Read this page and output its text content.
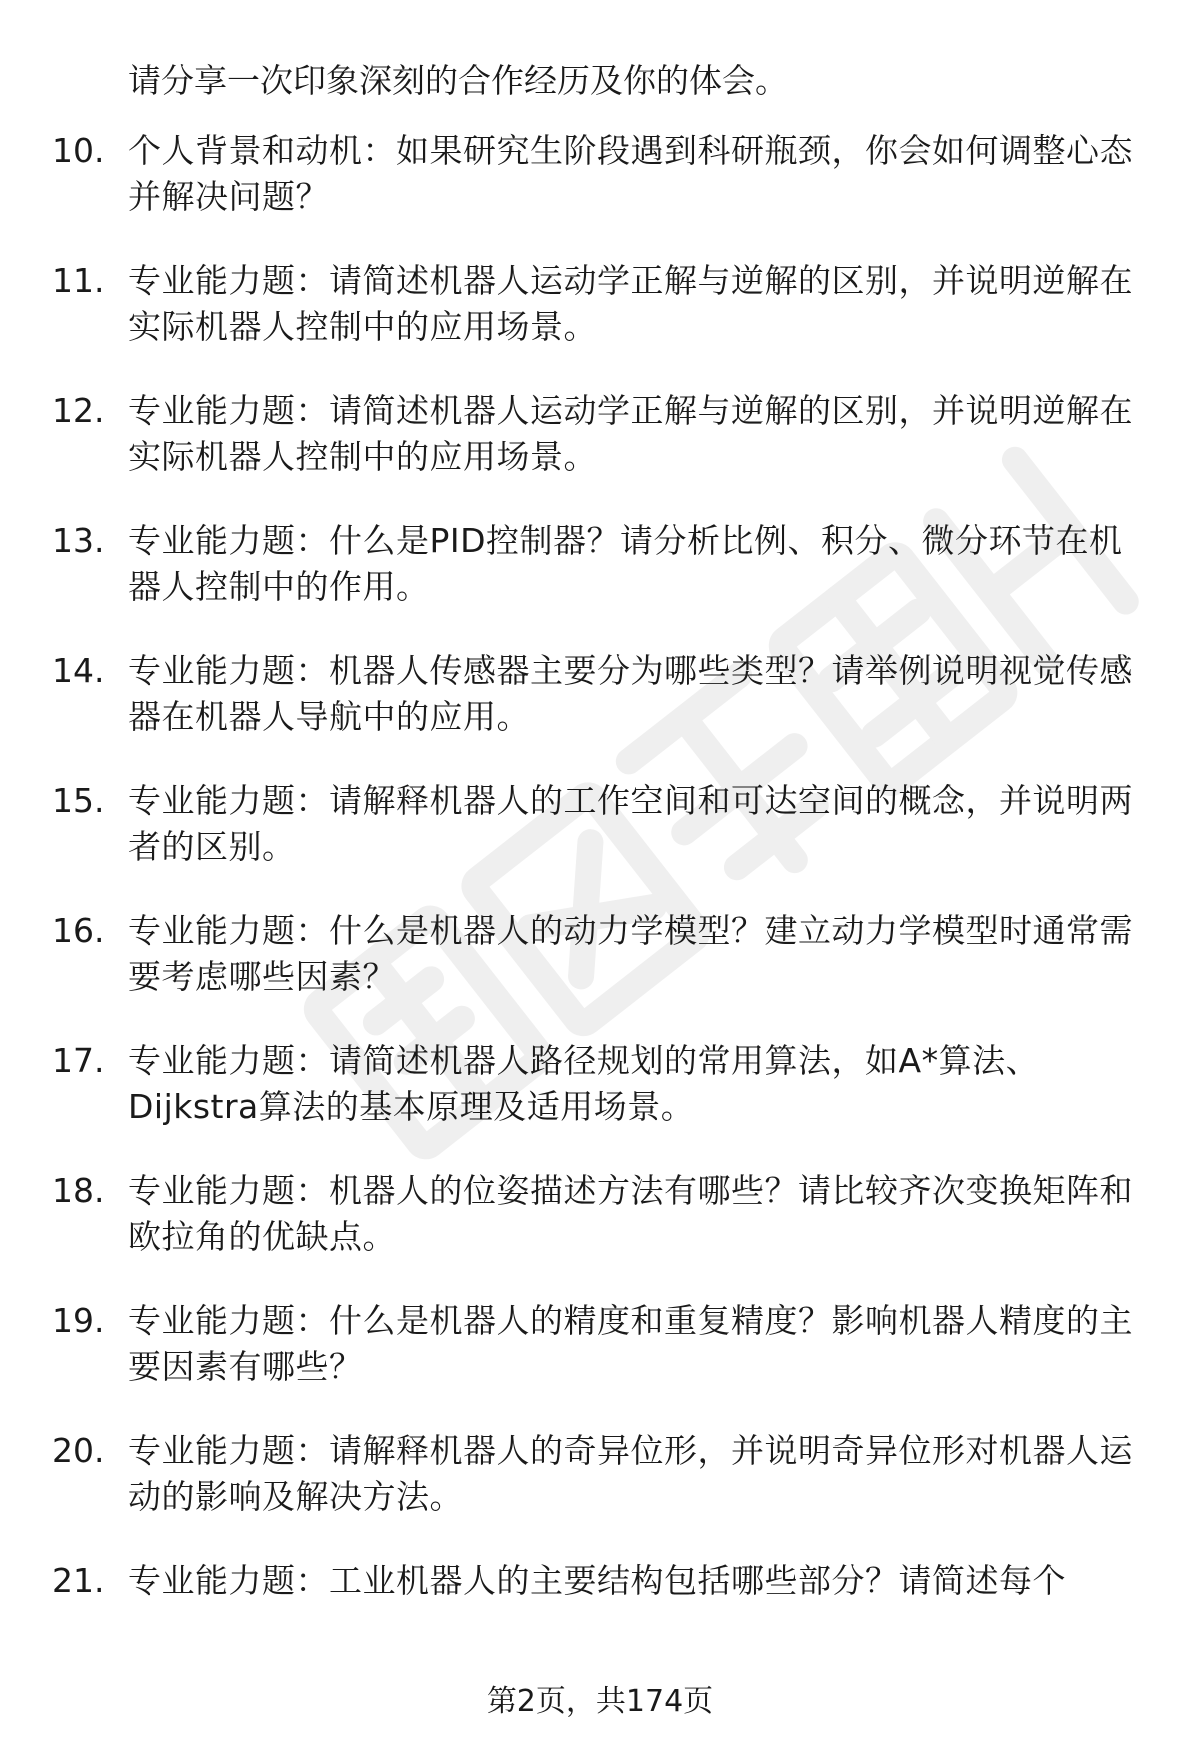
请分享一次印象深刻的合作经历及你的体会。
10. 个人背景和动机：如果研究生阶段遇到科研瓶颈，你会如何调整心态并解决问题？
11. 专业能力题：请简述机器人运动学正解与逆解的区别，并说明逆解在实际机器人控制中的应用场景。
12. 专业能力题：请简述机器人运动学正解与逆解的区别，并说明逆解在实际机器人控制中的应用场景。
13. 专业能力题：什么是PID控制器？请分析比例、积分、微分环节在机器人控制中的作用。
14. 专业能力题：机器人传感器主要分为哪些类型？请举例说明视觉传感器在机器人导航中的应用。
15. 专业能力题：请解释机器人的工作空间和可达空间的概念，并说明两者的区别。
16. 专业能力题：什么是机器人的动力学模型？建立动力学模型时通常需要考虑哪些因素？
17. 专业能力题：请简述机器人路径规划的常用算法，如A*算法、Dijkstra算法的基本原理及适用场景。
18. 专业能力题：机器人的位姿描述方法有哪些？请比较齐次变换矩阵和欧拉角的优缺点。
19. 专业能力题：什么是机器人的精度和重复精度？影响机器人精度的主要因素有哪些？
20. 专业能力题：请解释机器人的奇异位形，并说明奇异位形对机器人运动的影响及解决方法。
21. 专业能力题：工业机器人的主要结构包括哪些部分？请简述每个
第2页，共174页
